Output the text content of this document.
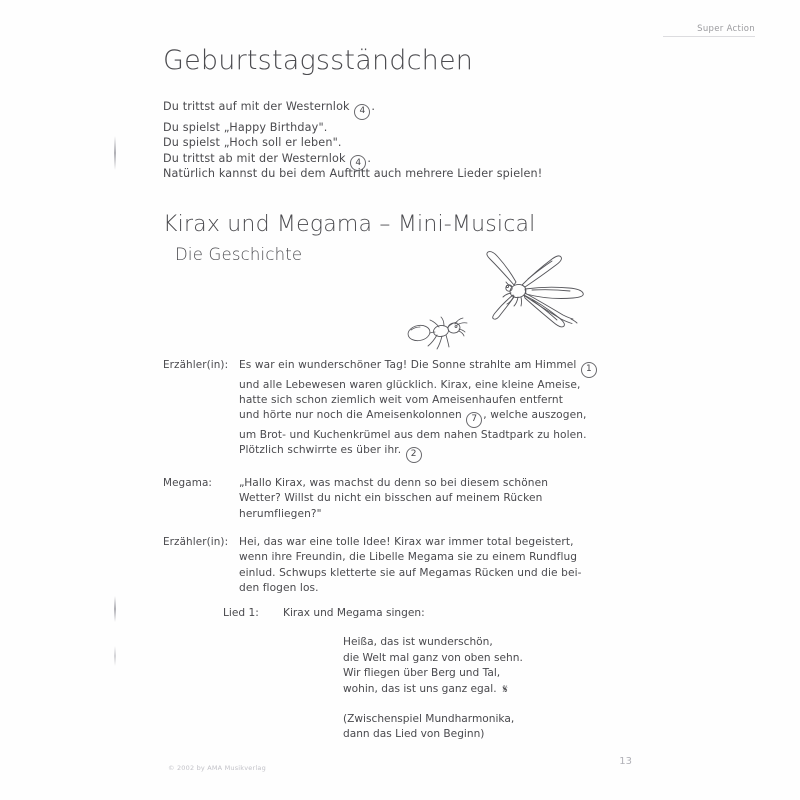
Super Action
Geburtstagsständchen
Du trittst auf mit der Westernlok 4 .
Du spielst „Happy Birthday".
Du spielst „Hoch soll er leben".
Du trittst ab mit der Westernlok 4 .
Natürlich kannst du bei dem Auftritt auch mehrere Lieder spielen!
Kirax und Megama – Mini-Musical
Die Geschichte
Erzähler(in):	Es war ein wunderschöner Tag! Die Sonne strahlte am Himmel 1
und alle Lebewesen waren glücklich. Kirax, eine kleine Ameise,
hatte sich schon ziemlich weit vom Ameisenhaufen entfernt
und hörte nur noch die Ameisenkolonnen 7 , welche auszogen,
um Brot- und Kuchenkrümel aus dem nahen Stadtpark zu holen.
Plötzlich schwirrte es über ihr. 2
Megama:	„Hallo Kirax, was machst du denn so bei diesem schönen
Wetter? Willst du nicht ein bisschen auf meinem Rücken
herumfliegen?"
Erzähler(in):	Hei, das war eine tolle Idee! Kirax war immer total begeistert,
wenn ihre Freundin, die Libelle Megama sie zu einem Rundflug
einlud. Schwups kletterte sie auf Megamas Rücken und die bei-
den flogen los.
Lied 1:	Kirax und Megama singen:
Heißa, das ist wunderschön,
die Welt mal ganz von oben sehn.
Wir fliegen über Berg und Tal,
wohin, das ist uns ganz egal. 𝄋
(Zwischenspiel Mundharmonika,
dann das Lied von Beginn)
© 2002 by AMA Musikverlag
13
